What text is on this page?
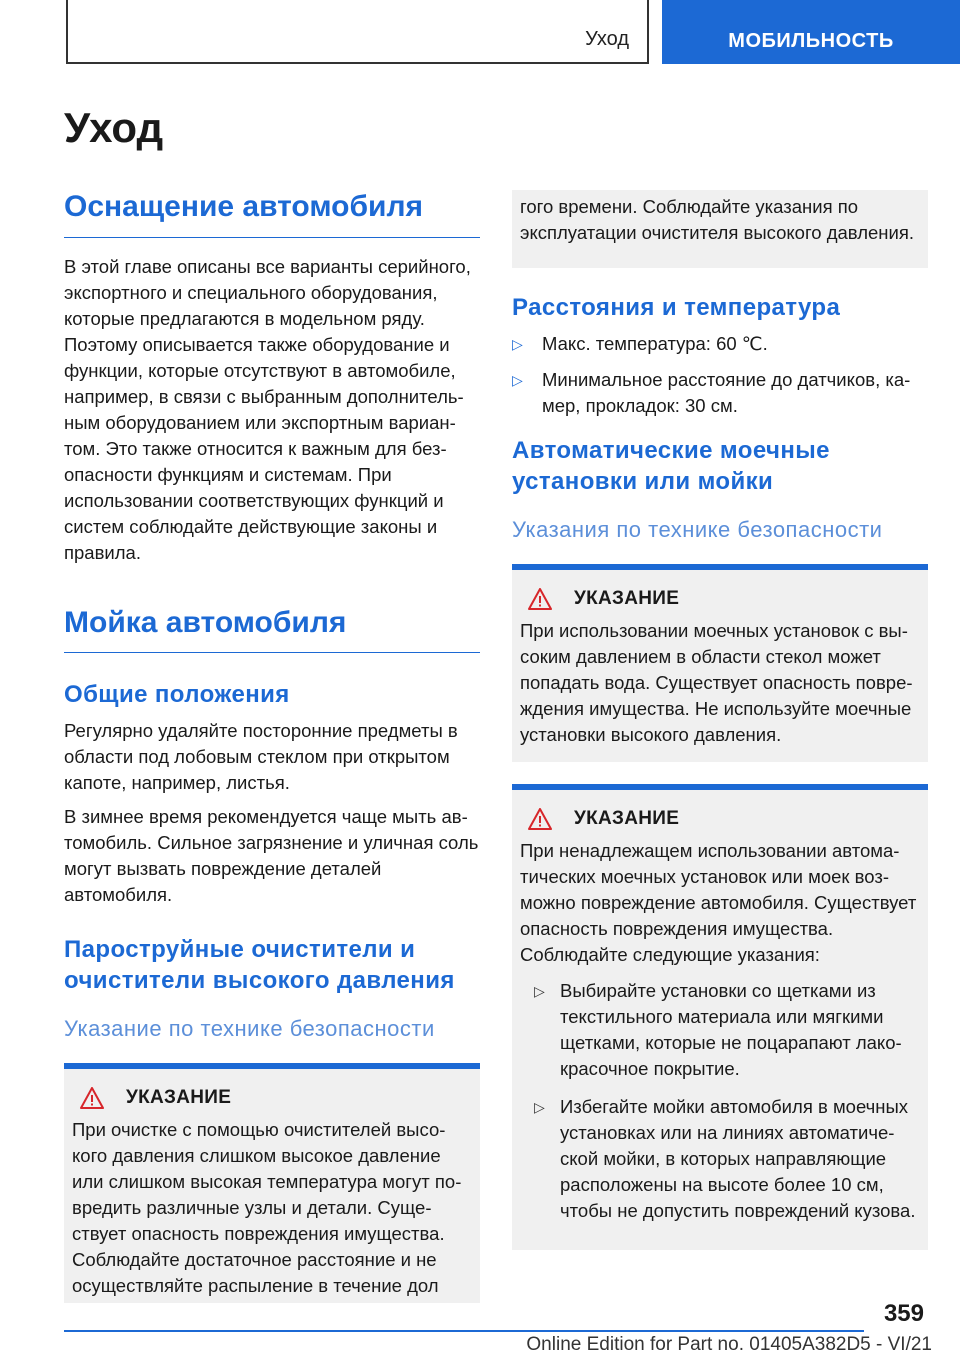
Уход	МОБИЛЬНОСТЬ
Уход
Оснащение автомобиля

В этой главе описаны все варианты серийного, экспортного и специального оборудования, которые предлагаются в модельном ряду. Поэтому описывается также оборудование и функции, которые отсутствуют в автомобиле, например, в связи с выбранным дополнительным оборудованием или экспортным вариантом. Это также относится к важным для безопасности функциям и системам. При использовании соответствующих функций и систем соблюдайте действующие законы и правила.

Мойка автомобиля
Общие положения

Регулярно удаляйте посторонние предметы в области под лобовым стеклом при открытом капоте, например, листья.

В зимнее время рекомендуется чаще мыть автомобиль. Сильное загрязнение и уличная соль могут вызвать повреждение деталей автомобиля.

Пароструйные очистители и очистители высокого давления
Указание по технике безопасности
УКАЗАНИЕ

При очистке с помощью очистителей высокого давления слишком высокое давление или слишком высокая температура могут повредить различные узлы и детали. Существует опасность повреждения имущества. Соблюдайте достаточное расстояние и не осуществляйте распыление в течение дол

гого времени. Соблюдайте указания по эксплуатации очистителя высокого давления.

Расстояния и температура
▷ Макс. температура: 60 ℃.
▷ Минимальное расстояние до датчиков, камер, прокладок: 30 см.
Автоматические моечные установки или мойки
Указания по технике безопасности
УКАЗАНИЕ

При использовании моечных установок с высоким давлением в области стекол может попадать вода. Существует опасность повреждения имущества. Не используйте моечные установки высокого давления.

УКАЗАНИЕ

При ненадлежащем использовании автоматических моечных установок или моек возможно повреждение автомобиля. Существует опасность повреждения имущества. Соблюдайте следующие указания:

▷ Выбирайте установки со щетками из текстильного материала или мягкими щетками, которые не поцарапают лакокрасочное покрытие.
▷ Избегайте мойки автомобиля в моечных установках или на линиях автоматической мойки, в которых направляющие расположены на высоте более 10 см, чтобы не допустить повреждений кузова.
359
Online Edition for Part no. 01405A382D5 - VI/21
